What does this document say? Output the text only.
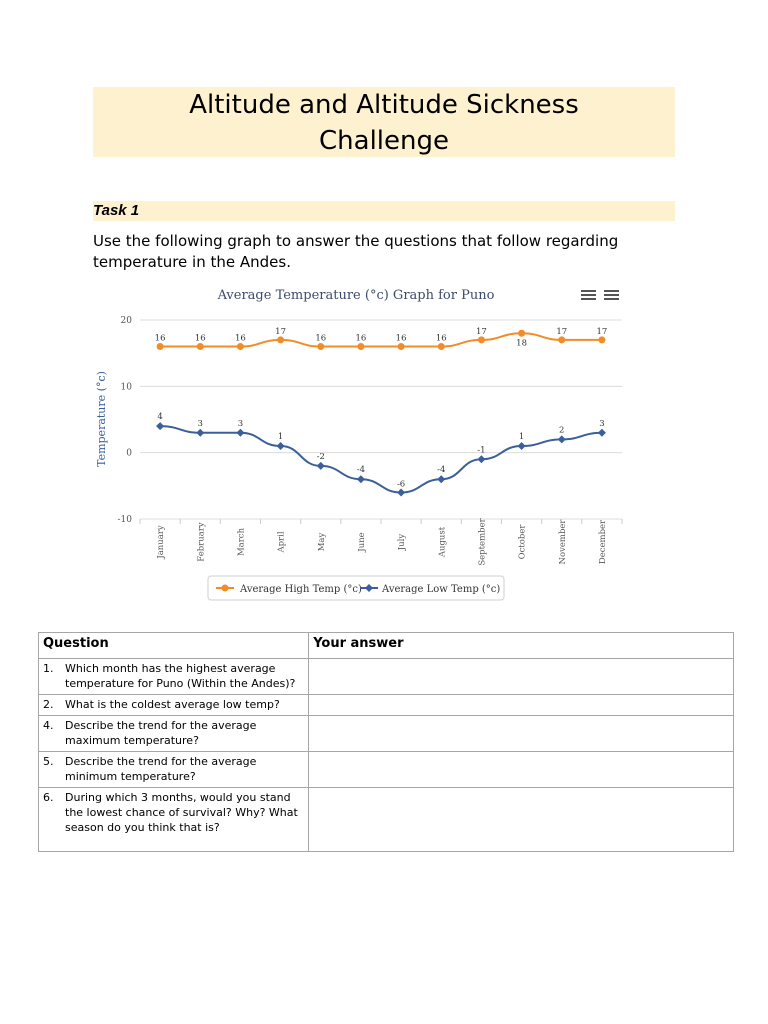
Altitude and Altitude Sickness
Challenge
Task 1
Use the following graph to answer the questions that follow regarding temperature in the Andes.
Average Temperature (°c) Graph for Puno
Temperature (°c)
20
10
0
-10
January	February	March	April	May	June	July	August	September	October	November	December
16	16	16
17
16	16	16	16
17
18
17	17
4
3	3
1
-2
-4
-6
-4
-1
1
2
3
Average High Temp (°c) Average Low Temp (°c)
Question	Your answer

1. Which month has the highest average temperature for Puno (Within the Andes)?	

2. What is the coldest average low temp?	

4. Describe the trend for the average maximum temperature?	

5. Describe the trend for the average minimum temperature?	

6. During which 3 months, would you stand the lowest chance of survival? Why? What season do you think that is?	
